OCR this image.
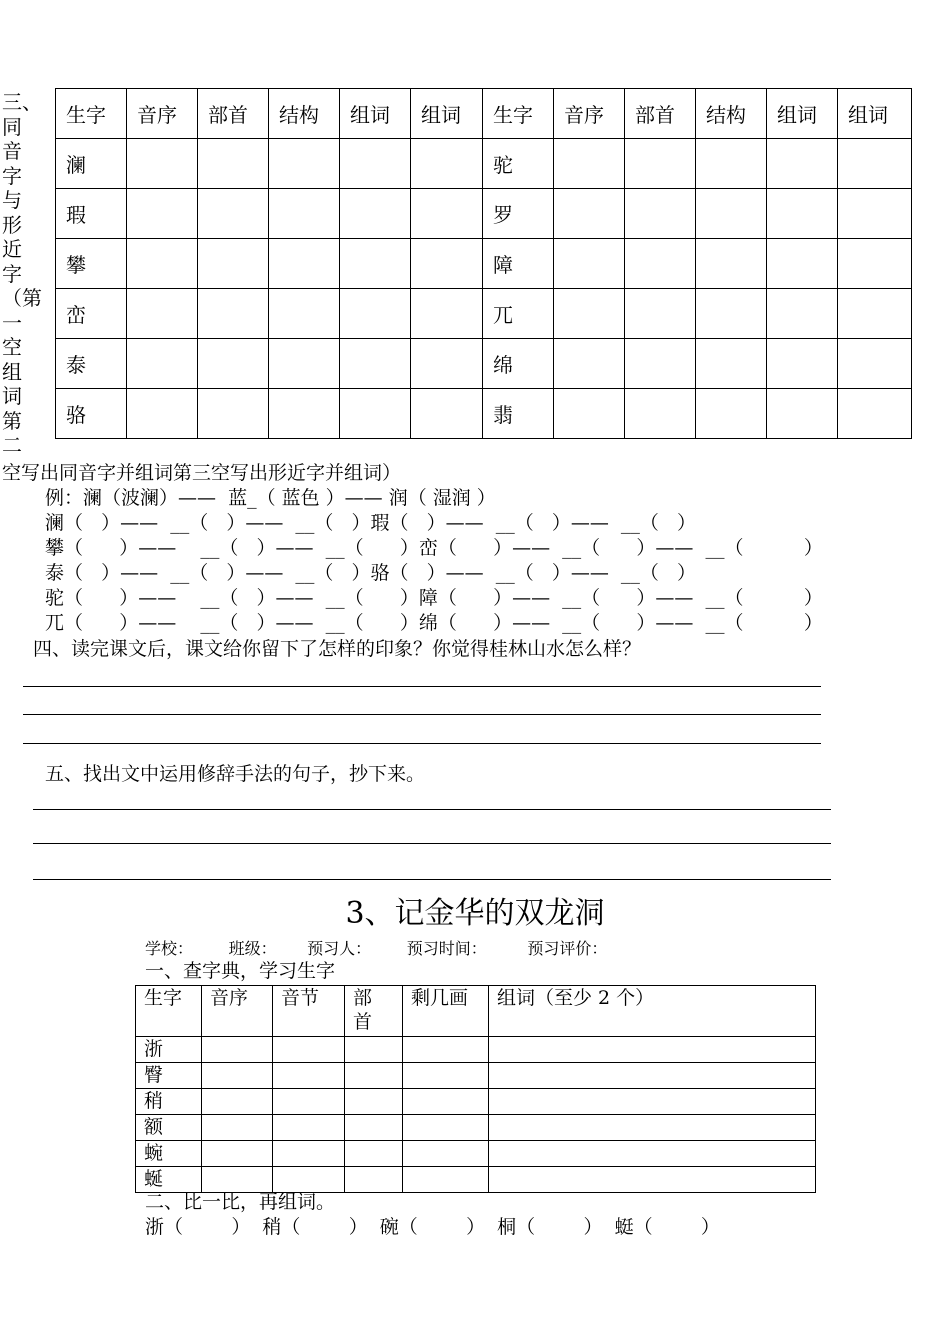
三、
同
音
字
与
形
近
字
（第
一
空
组
词
第
二
生字	音序	部首	结构	组词	组词	生字	音序	部首	结构	组词	组词
澜						驼					
瑕						罗					
攀						障					
峦						兀					
泰						绵					
骆						翡					
空写出同音字并组词第三空写出形近字并组词）
例：澜（波澜）——  蓝_（ 蓝色 ）—— 润（ 湿润 ）
澜（   ）——  __（   ）——  __（   ）瑕（   ）——  __（   ）——  __（   ）
攀（      ）——    __（   ）——  __（      ）峦（      ）——  __（      ）——  __（          ）
泰（   ）——  __（   ）——  __（   ）骆（   ）——  __（   ）——  __（   ）
驼（      ）——    __（   ）——  __（      ）障（      ）——  __（      ）——  __（          ）
兀（      ）——    __（   ）——  __（      ）绵（      ）——  __（      ）——  __（          ）
四、读完课文后，课文给你留下了怎样的印象？你觉得桂林山水怎么样？
五、找出文中运用修辞手法的句子，抄下来。
3、记金华的双龙洞
学校：       班级：      预习人：       预习时间：        预习评价：
一、查字典，学习生字
生字	音序	音节	部首	剩几画	组词（至少 2 个）
浙					
臀					
稍					
额					
蜿					
蜒					
二、比一比，再组词。
浙（        ）  稍（        ）  碗（        ）  桐（        ）  蜓（        ）
